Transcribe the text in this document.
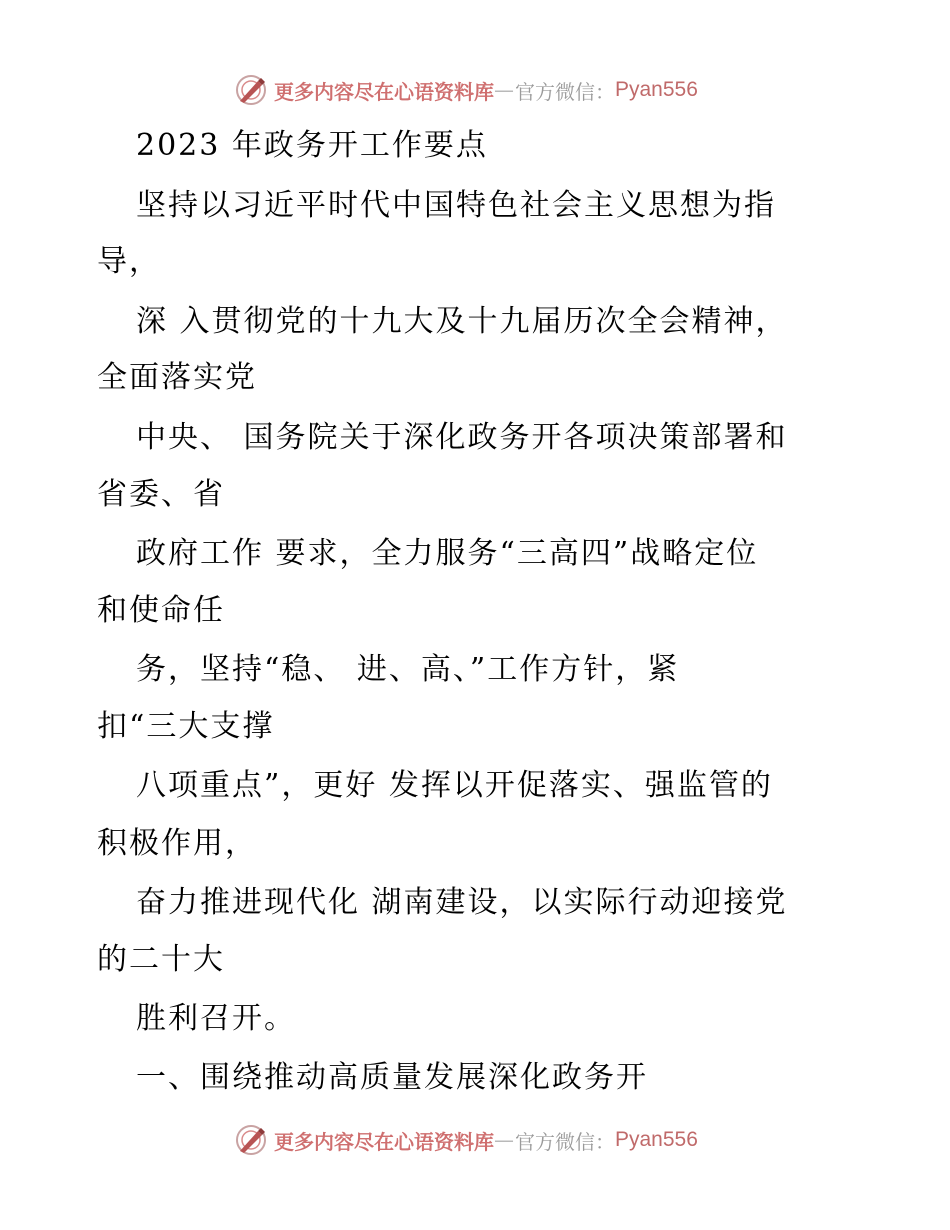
更多内容尽在心语资料库 — 官方微信： Pyan556
2023 年政务开工作要点
坚持以习近平时代中国特色社会主义思想为指
导，
深 入贯彻党的十九大及十九届历次全会精神，
全面落实党
中央、 国务院关于深化政务开各项决策部署和
省委、省
政府工作 要求，全力服务“三高四”战略定位
和使命任
务，坚持“稳、 进、高、”工作方针，紧
扣“三大支撑
八项重点”，更好 发挥以开促落实、强监管的
积极作用，
奋力推进现代化 湖南建设，以实际行动迎接党
的二十大
胜利召开。
一、围绕推动高质量发展深化政务开
更多内容尽在心语资料库 — 官方微信： Pyan556
